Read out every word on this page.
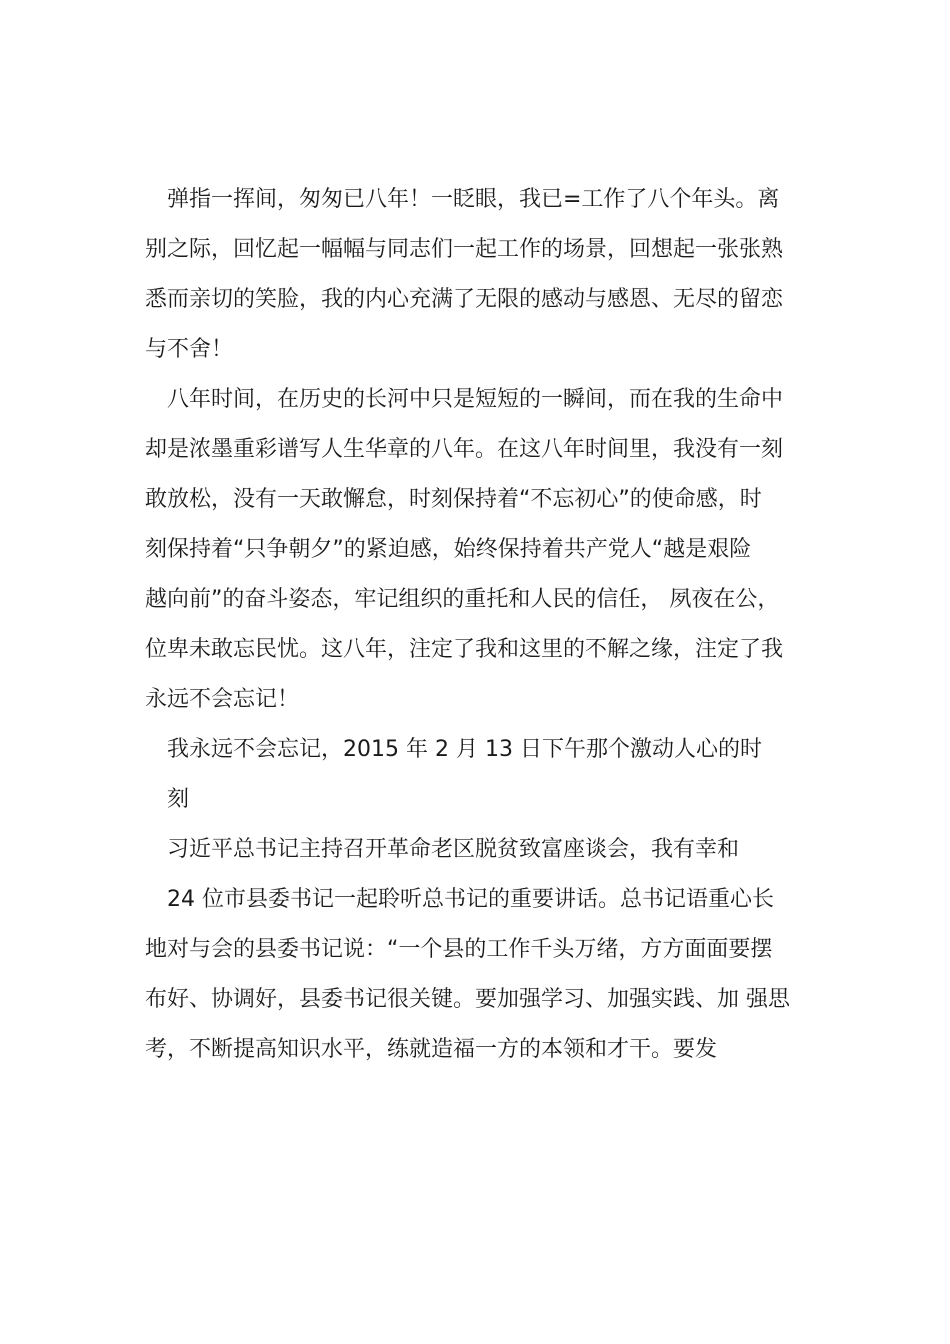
　弹指一挥间，匆匆已八年！一眨眼，我已=工作了八个年头。离
别之际，回忆起一幅幅与同志们一起工作的场景，回想起一张张熟
悉而亲切的笑脸，我的内心充满了无限的感动与感恩、无尽的留恋
与不舍！
　八年时间，在历史的长河中只是短短的一瞬间，而在我的生命中
却是浓墨重彩谱写人生华章的八年。在这八年时间里，我没有一刻
敢放松，没有一天敢懈怠，时刻保持着“不忘初心”的使命感，时
刻保持着“只争朝夕”的紧迫感，始终保持着共产党人“越是艰险
越向前”的奋斗姿态，牢记组织的重托和人民的信任， 夙夜在公，
位卑未敢忘民忧。这八年，注定了我和这里的不解之缘，注定了我
永远不会忘记！
　我永远不会忘记，2015 年 2 月 13 日下午那个激动人心的时
　刻
　习近平总书记主持召开革命老区脱贫致富座谈会，我有幸和
　24 位市县委书记一起聆听总书记的重要讲话。总书记语重心长
地对与会的县委书记说：“一个县的工作千头万绪，方方面面要摆
布好、协调好，县委书记很关键。要加强学习、加强实践、加 强思
考，不断提高知识水平，练就造福一方的本领和才干。要发
